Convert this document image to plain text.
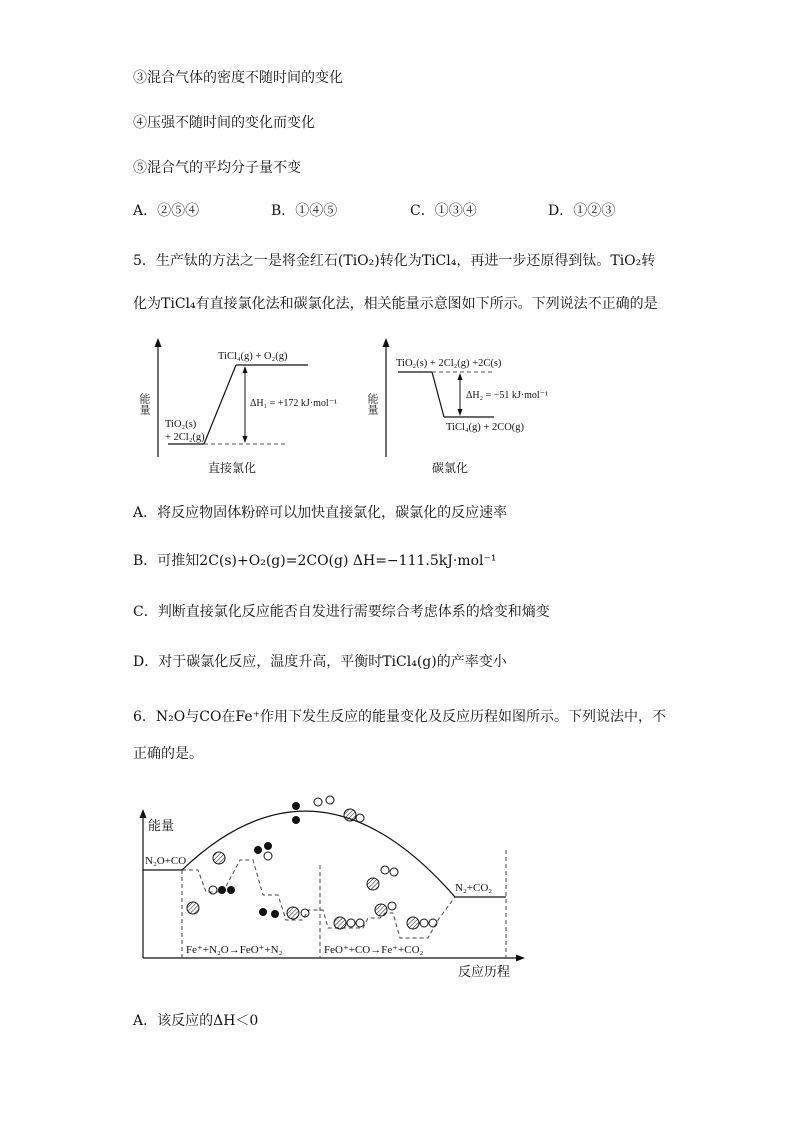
③混合气体的密度不随时间的变化
④压强不随时间的变化而变化
⑤混合气的平均分子量不变
A．②⑤④	B．①④⑤	C．①③④	D．①②③
5．生产钛的方法之一是将金红石(TiO₂)转化为TiCl₄，再进一步还原得到钛。TiO₂转
化为TiCl₄有直接氯化法和碳氯化法，相关能量示意图如下所示。下列说法不正确的是
能量
TiCl₄(g) + O₂(g)
ΔH₁ = +172 kJ·mol⁻¹
TiO₂(s)
+ 2Cl₂(g)
直接氯化
能量
TiO₂(s) + 2Cl₂(g) +2C(s)
ΔH₂ = −51 kJ·mol⁻¹
TiCl₄(g) + 2CO(g)
碳氯化
A．将反应物固体粉碎可以加快直接氯化，碳氯化的反应速率
B．可推知2C(s)+O₂(g)=2CO(g) ΔH=−111.5kJ·mol⁻¹
C．判断直接氯化反应能否自发进行需要综合考虑体系的焓变和熵变
D．对于碳氯化反应，温度升高，平衡时TiCl₄(g)的产率变小
6．N₂O与CO在Fe⁺作用下发生反应的能量变化及反应历程如图所示。下列说法中，不
正确的是。
能量
反应历程
N₂O+CO
N₂+CO₂
Fe⁺+N₂O→FeO⁺+N₂	FeO⁺+CO→Fe⁺+CO₂
A．该反应的ΔH＜0
